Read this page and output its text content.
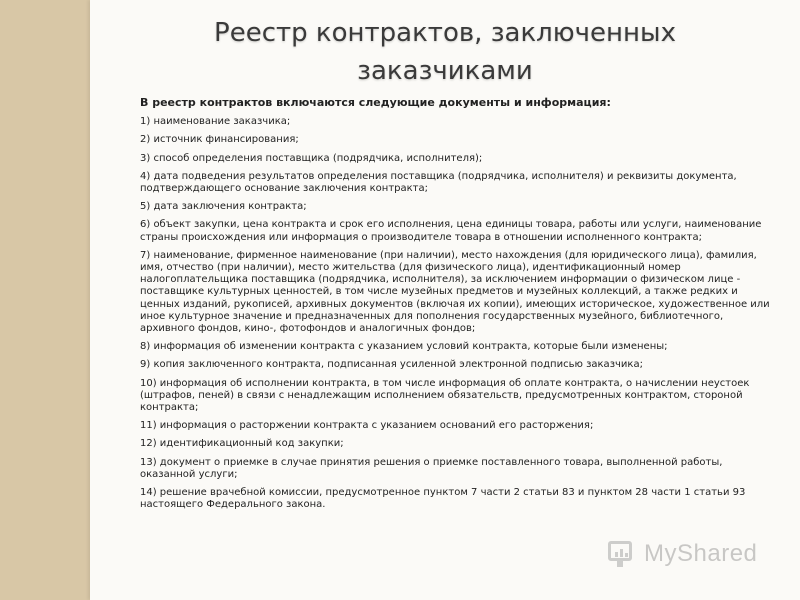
Реестр контрактов, заключенных
заказчиками
В реестр контрактов включаются следующие документы и информация:
1) наименование заказчика;
2) источник финансирования;
3) способ определения поставщика (подрядчика, исполнителя);
4) дата подведения результатов определения поставщика (подрядчика, исполнителя) и реквизиты документа, подтверждающего основание заключения контракта;
5) дата заключения контракта;
6) объект закупки, цена контракта и срок его исполнения, цена единицы товара, работы или услуги, наименование страны происхождения или информация о производителе товара в отношении исполненного контракта;
7) наименование, фирменное наименование (при наличии), место нахождения (для юридического лица), фамилия, имя, отчество (при наличии), место жительства (для физического лица), идентификационный номер налогоплательщика поставщика (подрядчика, исполнителя), за исключением информации о физическом лице - поставщике культурных ценностей, в том числе музейных предметов и музейных коллекций, а также редких и ценных изданий, рукописей, архивных документов (включая их копии), имеющих историческое, художественное или иное культурное значение и предназначенных для пополнения государственных музейного, библиотечного, архивного фондов, кино-, фотофондов и аналогичных фондов;
8) информация об изменении контракта с указанием условий контракта, которые были изменены;
9) копия заключенного контракта, подписанная усиленной электронной подписью заказчика;
10) информация об исполнении контракта, в том числе информация об оплате контракта, о начислении неустоек (штрафов, пеней) в связи с ненадлежащим исполнением обязательств, предусмотренных контрактом, стороной контракта;
11) информация о расторжении контракта с указанием оснований его расторжения;
12) идентификационный код закупки;
13) документ о приемке в случае принятия решения о приемке поставленного товара, выполненной работы, оказанной услуги;
14) решение врачебной комиссии, предусмотренное пунктом 7 части 2 статьи 83 и пунктом 28 части 1 статьи 93 настоящего Федерального закона.
MyShared
